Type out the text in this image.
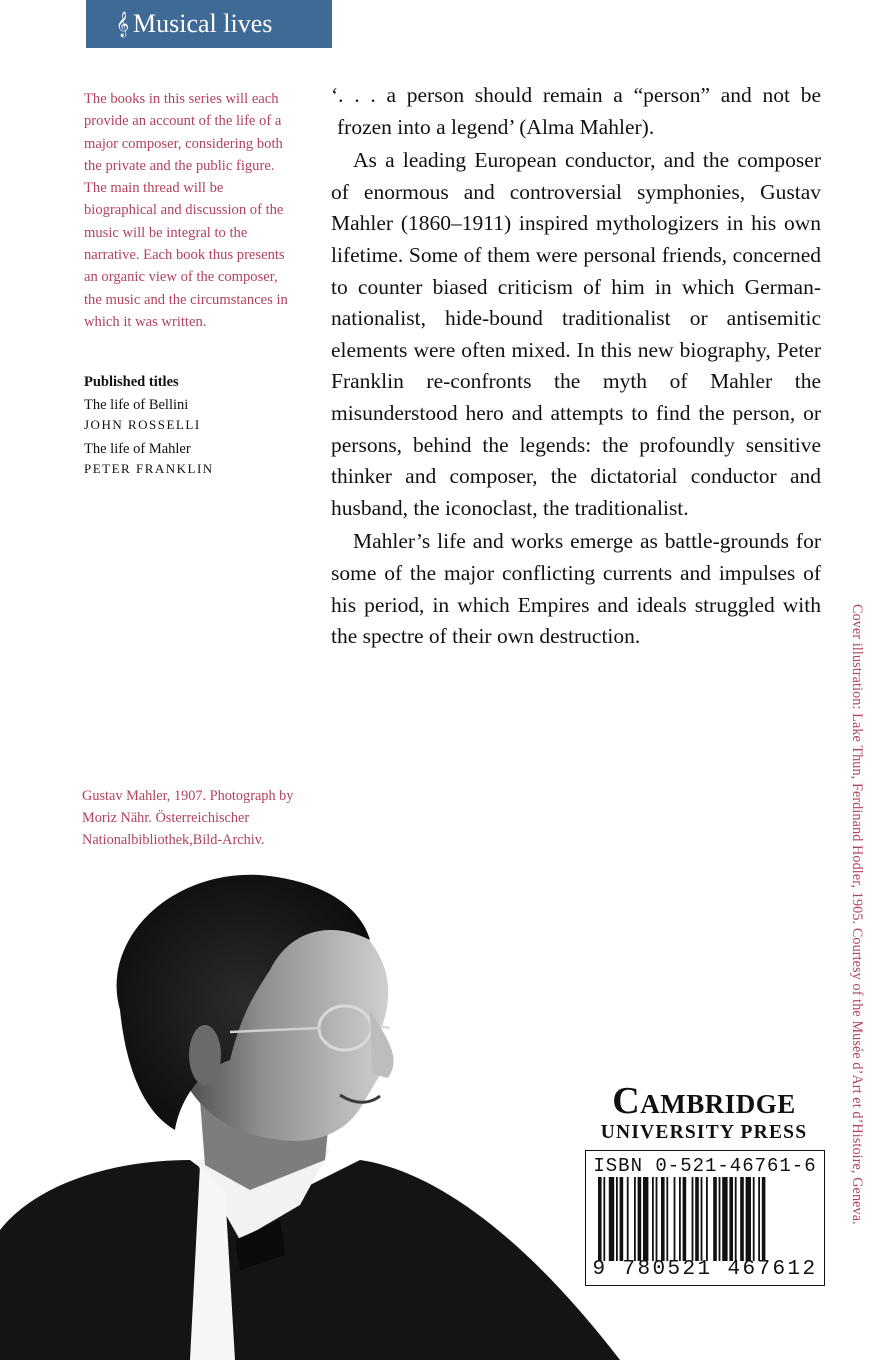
𝄞 Musical lives
The books in this series will each provide an account of the life of a major composer, considering both the private and the public figure. The main thread will be biographical and discussion of the music will be integral to the narrative. Each book thus presents an organic view of the composer, the music and the circumstances in which it was written.
Published titles
The life of Bellini
JOHN ROSSELLI
The life of Mahler
PETER FRANKLIN

‘. . . a person should remain a “person” and not be frozen into a legend’ (Alma Mahler).

As a leading European conductor, and the composer of enormous and controversial symphonies, Gustav Mahler (1860–1911) inspired mythologizers in his own lifetime. Some of them were personal friends, concerned to counter biased criticism of him in which German-nationalist, hide-bound traditionalist or antisemitic elements were often mixed. In this new biography, Peter Franklin re-confronts the myth of Mahler the misunderstood hero and attempts to find the person, or persons, behind the legends: the profoundly sensitive thinker and composer, the dictatorial conductor and husband, the iconoclast, the traditionalist.

Mahler’s life and works emerge as battle-grounds for some of the major conflicting currents and impulses of his period, in which Empires and ideals struggled with the spectre of their own destruction.

Gustav Mahler, 1907. Photograph by Moriz Nähr. Österreichischer Nationalbibliothek,Bild-Archiv.	Cover illustration: Lake Thun, Ferdinand Hodler, 1905. Courtesy of the Musée d’Art et d’Histoire, Geneva.
Cambridge
UNIVERSITY PRESS
ISBN 0-521-46761-6
9 780521 467612
